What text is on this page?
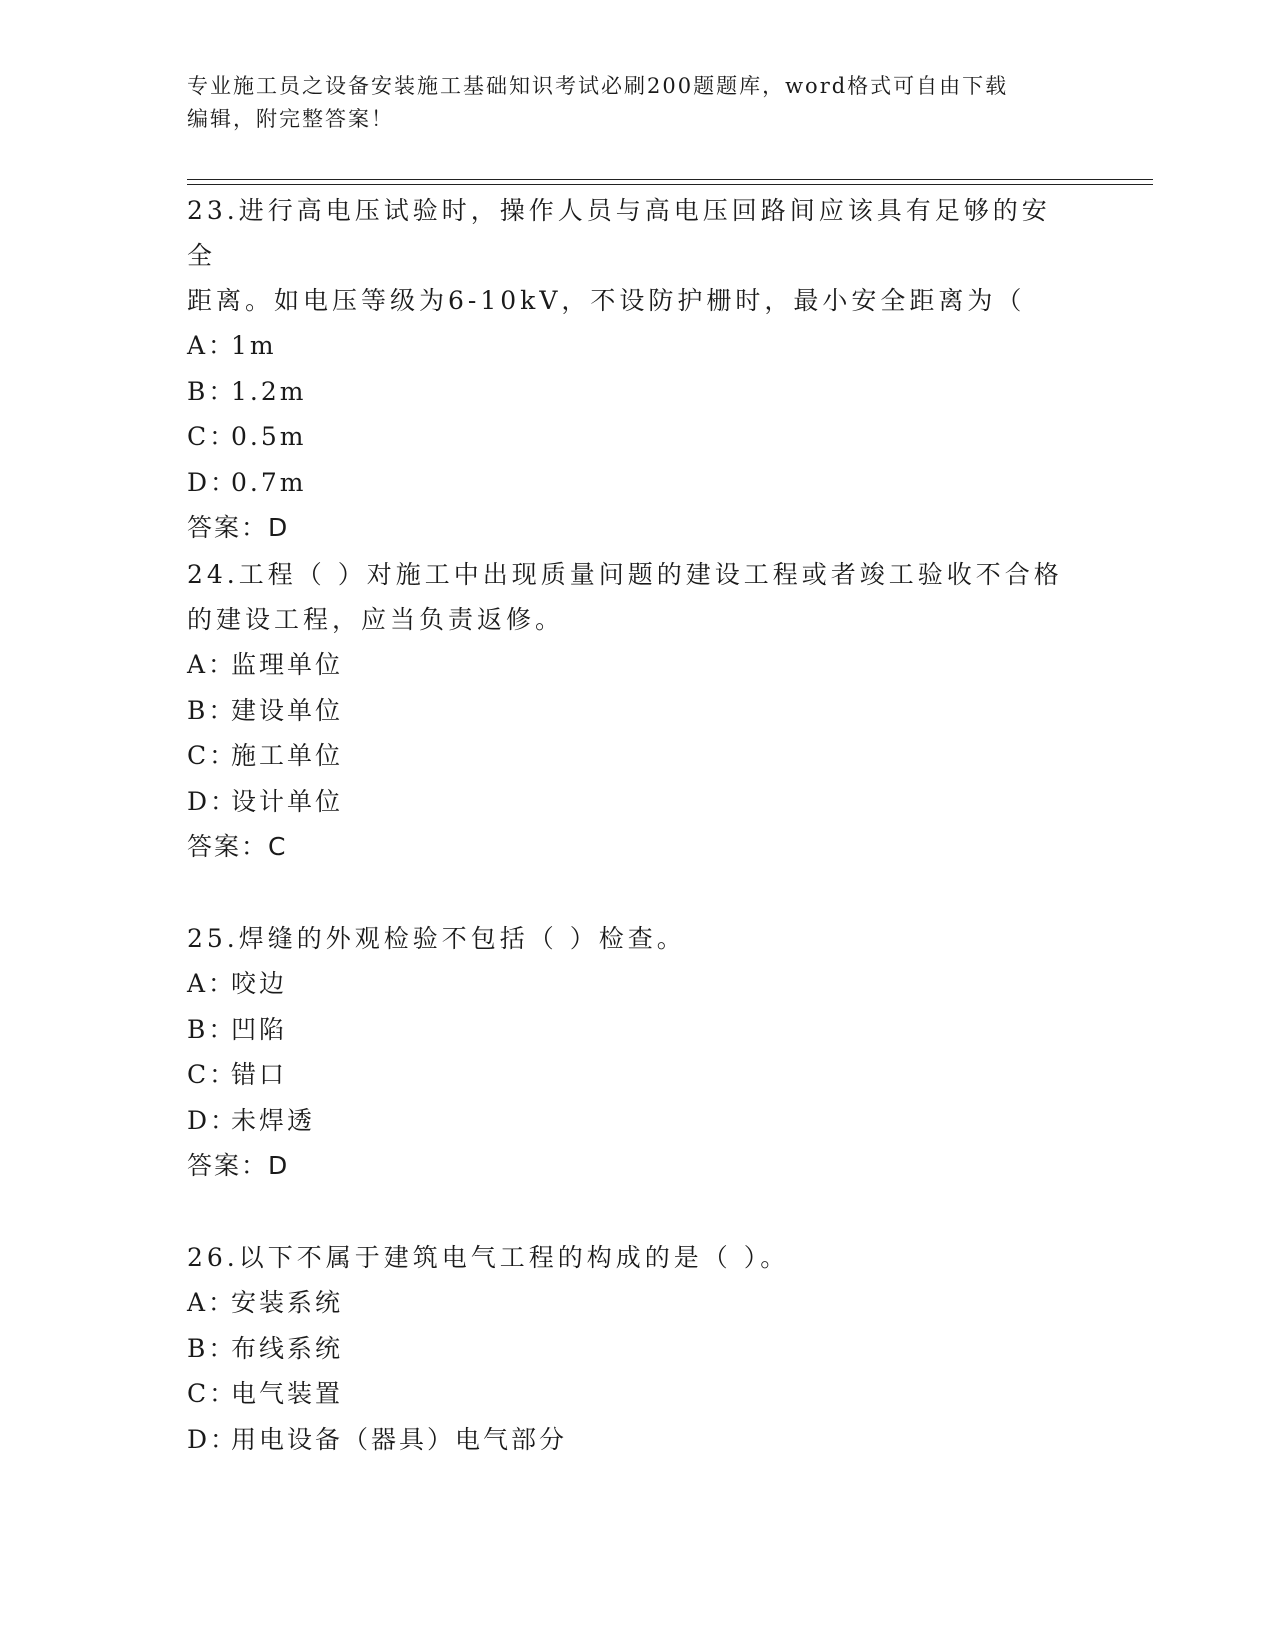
专业施工员之设备安装施工基础知识考试必刷200题题库，word格式可自由下载
编辑，附完整答案！

23.进行高电压试验时，操作人员与高电压回路间应该具有足够的安全

距离。如电压等级为6-10kV，不设防护栅时，最小安全距离为（

A：1m

B：1.2m

C：0.5m

D：0.7m

答案：D

24.工程（ ）对施工中出现质量问题的建设工程或者竣工验收不合格

的建设工程，应当负责返修。

A：监理单位

B：建设单位

C：施工单位

D：设计单位

答案：C

25.焊缝的外观检验不包括（ ）检查。

A：咬边

B：凹陷

C：错口

D：未焊透

答案：D

26.以下不属于建筑电气工程的构成的是（ ）。

A：安装系统

B：布线系统

C：电气装置

D：用电设备（器具）电气部分
